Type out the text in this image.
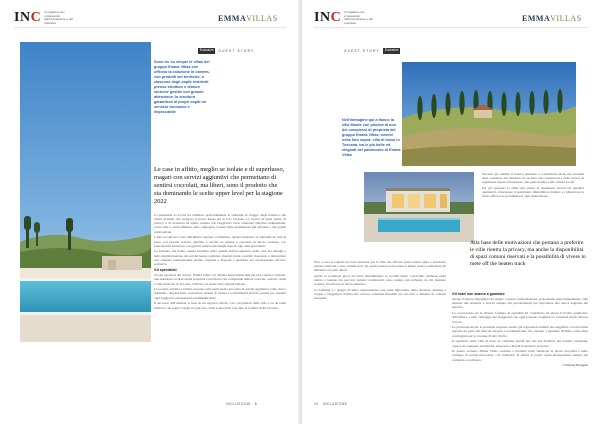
INC Il magazine dei protagonisti dell'innovazione e del business	EMMAVILLAS
Exclusive	GUEST STORY
Sono tre su cinque le villas del gruppo Emma Villas che offrono la colazione in camera, con prodotti del territorio, a ciascuno degli ospiti residenti presso strutture e dimore storiche gestite con grande attenzione: la struttura garantisce ai propri ospiti un servizio esclusivo e impeccabile
Le case in affitto, meglio se isolate e di superlusso, magari con servizi aggiuntivi che permettano di sentirsi coccolati, ma liberi, sono il prodotto che sta dominando le scelte upper level per la stagione 2022

La pandemia da Covid ha cambiato profondamente le abitudini di viaggio degli italiani e dei turisti stranieri che scelgono il nostro Paese per le loro vacanze. La ricerca di spazi aperti, di privacy e di sicurezza ha spinto sempre più viaggiatori verso soluzioni abitative indipendenti, come ville e casali immersi nella campagna, lontani dalle destinazioni più affollate e dai grandi centri urbani.

I dati raccolti nel corso dell'ultima stagione confermano questa tendenza: la domanda di ville di lusso con piscina privata, giardino e servizi su misura è cresciuta in modo costante, con prenotazioni anticipate e soggiorni sempre più lunghi rispetto agli anni precedenti.

Le strutture che hanno saputo investire nella qualità dell'accoglienza, nella cura dei dettagli e nella digitalizzazione dei servizi hanno registrato risultati molto positivi, riuscendo a intercettare una clientela internazionale attenta, esigente e disposta a spendere per un'esperienza davvero esclusiva.

Gli specialisti

Tra gli operatori del settore, Emma Villas si è distinta negli ultimi anni per una crescita continua, una selezione accurata delle proprietà e un'offerta che comprende dimore storiche, castelli, casali e ville moderne in Toscana, Umbria e in molte altre regioni italiane.

La società, fondata a Chiusi, propone agli ospiti anche una serie di servizi aggiuntivi come chef a domicilio, degustazioni, escursioni, lezioni di cucina e trasferimenti privati, pensati per rendere ogni soggiorno un'esperienza indimenticabile.

Il successo dell'azienda si basa su un rapporto diretto con i proprietari delle ville e su un team dedicato che segue l'ospite in ogni fase, dalla scelta della casa fino al termine della vacanza.

INCLUSIONE 8
INC Il magazine dei protagonisti dell'innovazione e del business	EMMAVILLAS
GUEST STORY	Exclusive
Nell'immagine qui a fianco la villa Monte con piscina di uno dei complessi di proprietà del gruppo Emma Villas, mentre nella foto sopra: villa di lusso in Toscana, tra le più belle ed eleganti del patrimonio di Emma Villas

Secondo gli analisti, il trend è destinato a consolidarsi anche nei prossimi anni, sostenuto dal desiderio di vacanze più consapevoli e dalla ricerca di esperienze legate al benessere, alla gastronomia e alla cultura locale.

Per gli operatori la sfida sarà quella di mantenere elevati gli standard qualitativi, valorizzare il patrimonio immobiliare italiano e comunicare in modo efficace le peculiarità di ogni destinazione.

Alla base delle motivazioni che portano a preferire le ville rientra la privacy, ma anche la disponibilità di spazi comuni riservati e la possibilità di vivere in mete off the beaten track

Non a caso si registra un forte interesse per le ville che offrono spazi esterni ampi e attrezzati, piscine riservate e aree comuni dove gli ospiti possono trascorrere il tempo senza condividere gli ambienti con altri turisti.

Anche la posizione gioca un ruolo determinante: le località meno conosciute, immerse nella natura e lontane dai percorsi turistici tradizionali, sono sempre più richieste da chi desidera scoprire il territorio in modo autentico.

Le famiglie e i gruppi di amici rappresentano una parte importante della clientela, insieme a coppie e viaggiatori d'affari che cercano soluzioni flessibili per lavorare a distanza in contesti rilassanti.

Gli hotel non stanno a guardare

Anche il settore alberghiero ha reagito a questa trasformazione, proponendo suite indipendenti, ville annesse alle strutture e servizi sempre più personalizzati per rispondere alle nuove esigenze del mercato.

La concorrenza tra le diverse formule di ospitalità ha contribuito ad alzare il livello qualitativo dell'offerta, a tutto vantaggio dei viaggiatori che oggi possono scegliere tra soluzioni molto diverse tra loro.

Le prenotazioni per la prossima stagione stanno già registrando numeri incoraggianti, con un'ottima risposta da parte dei mercati europei e nordamericani, che tornano a guardare all'Italia come meta privilegiata per le vacanze di alto livello.

Il segmento delle ville di lusso si conferma quindi uno dei più dinamici del turismo nazionale, capace di coniugare esclusività, sicurezza e libertà in un'unica proposta.

In questo scenario Emma Villas continua a investire nella selezione di nuove proprietà e nello sviluppo di servizi innovativi, con l'obiettivo di offrire ai propri ospiti un'esperienza sempre più completa e su misura.

Cristiana Bevagna

10 INCLUSIONE
